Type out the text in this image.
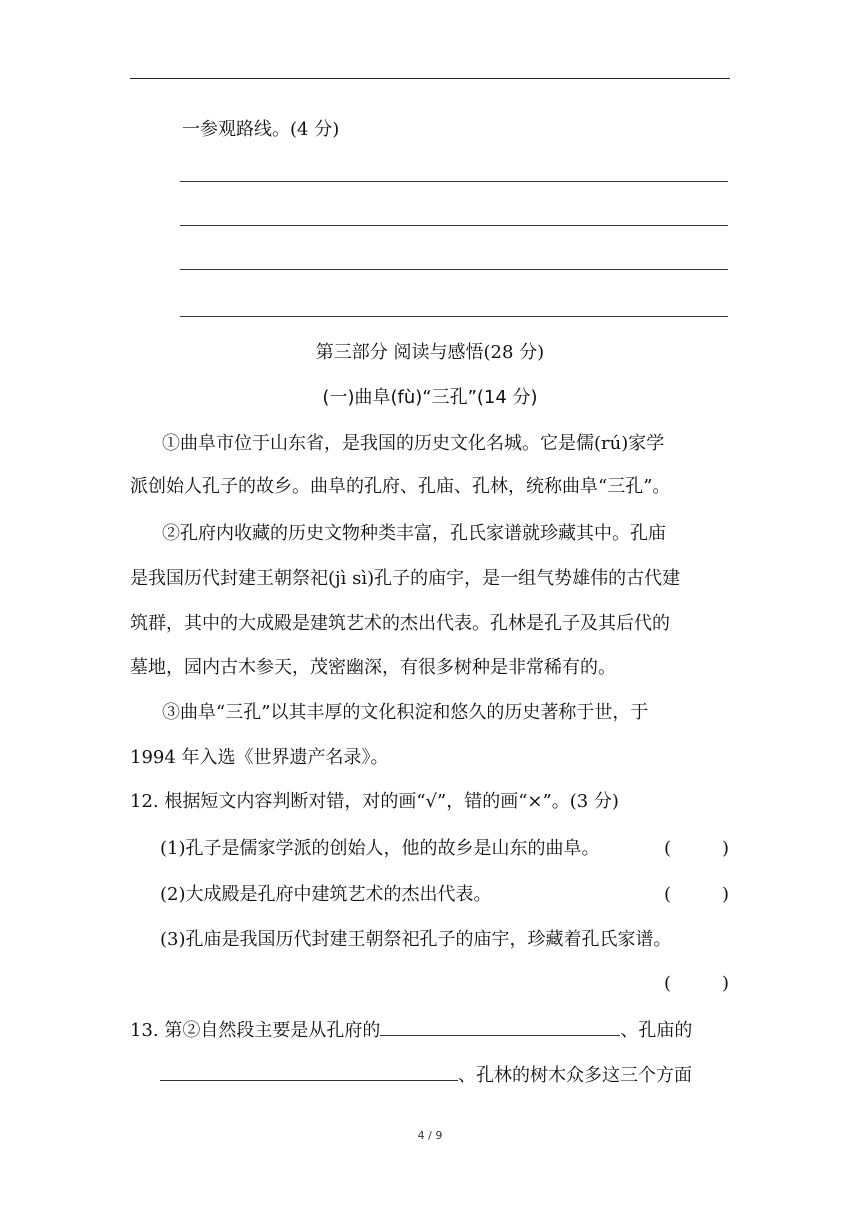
一参观路线。(4 分)
第三部分 阅读与感悟(28 分)
(一)曲阜(fù)“三孔”(14 分)
①曲阜市位于山东省，是我国的历史文化名城。它是儒(rú)家学
派创始人孔子的故乡。曲阜的孔府、孔庙、孔林，统称曲阜“三孔”。
②孔府内收藏的历史文物种类丰富，孔氏家谱就珍藏其中。孔庙
是我国历代封建王朝祭祀(jì sì)孔子的庙宇，是一组气势雄伟的古代建
筑群，其中的大成殿是建筑艺术的杰出代表。孔林是孔子及其后代的
墓地，园内古木参天，茂密幽深，有很多树种是非常稀有的。
③曲阜“三孔”以其丰厚的文化积淀和悠久的历史著称于世，于
1994 年入选《世界遗产名录》。
12. 根据短文内容判断对错，对的画“√”，错的画“×”。(3 分)
(1)孔子是儒家学派的创始人，他的故乡是山东的曲阜。	(	)
(2)大成殿是孔府中建筑艺术的杰出代表。	(	)
(3)孔庙是我国历代封建王朝祭祀孔子的庙宇，珍藏着孔氏家谱。
(	)
13. 第②自然段主要是从孔府的	、孔庙的
、孔林的树木众多这三个方面
4 / 9
